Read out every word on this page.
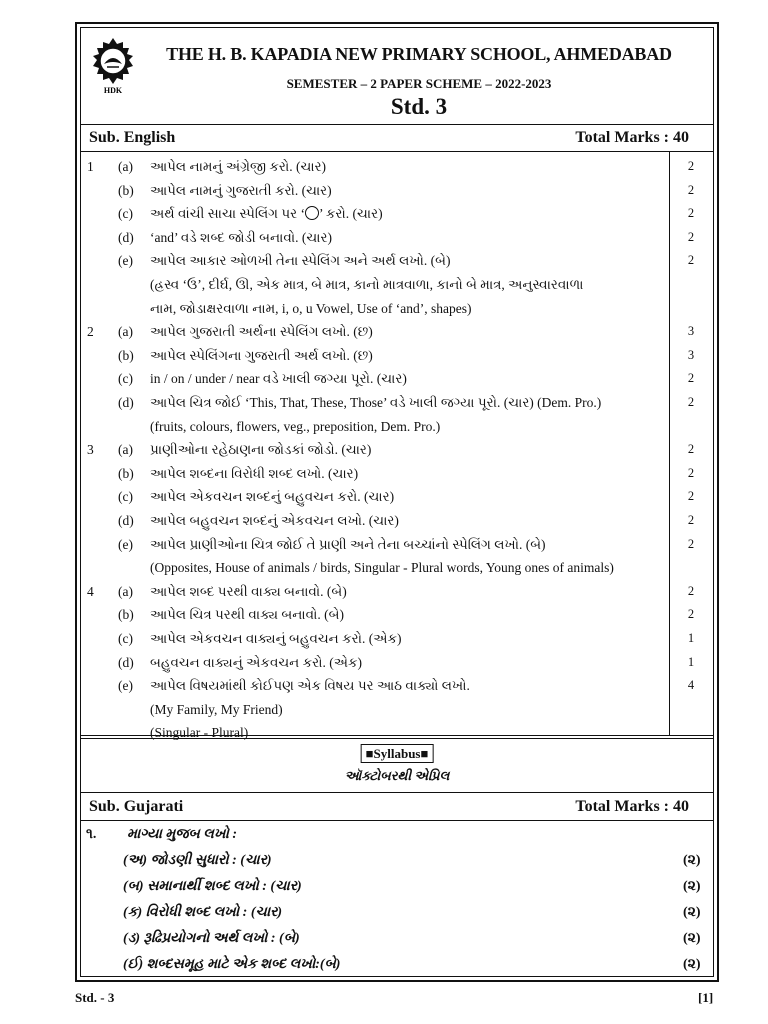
HDK
THE H. B. KAPADIA NEW PRIMARY SCHOOL, AHMEDABAD
SEMESTER – 2 PAPER SCHEME – 2022-2023
Std. 3
Sub. English	Total Marks : 40
1 (a) આપેલ નામનું અંગ્રેજી કરો. (ચાર)	2
(b) આપેલ નામનું ગુજરાતી કરો. (ચાર)	2
(c) અર્થ વાંચી સાચા સ્પેલિંગ પર ‘ ’ કરો. (ચાર)	2
(d) ‘and’ વડે શબ્દ જોડી બનાવો. (ચાર)	2
(e) આપેલ આકાર ઓળખી તેના સ્પેલિંગ અને અર્થ લખો. (બે)	2
(હ્રસ્વ ‘ઉ’, દીર્ઘ, ઊ, એક માત્ર, બે માત્ર, કાનો માત્રવાળા, કાનો બે માત્ર, અનુસ્વારવાળા
નામ, જોડાક્ષરવાળા નામ, i, o, u Vowel, Use of ‘and’, shapes)
2 (a) આપેલ ગુજરાતી અર્થના સ્પેલિંગ લખો. (છ)	3
(b) આપેલ સ્પેલિંગના ગુજરાતી અર્થ લખો. (છ)	3
(c) in / on / under / near વડે ખાલી જગ્યા પૂરો. (ચાર)	2
(d) આપેલ ચિત્ર જોઈ ‘This, That, These, Those’ વડે ખાલી જગ્યા પૂરો. (ચાર) (Dem. Pro.)	2
(fruits, colours, flowers, veg., preposition, Dem. Pro.)
3 (a) પ્રાણીઓના રહેઠાણના જોડકાં જોડો. (ચાર)	2
(b) આપેલ શબ્દના વિરોધી શબ્દ લખો. (ચાર)	2
(c) આપેલ એકવચન શબ્દનું બહુવચન કરો. (ચાર)	2
(d) આપેલ બહુવચન શબ્દનું એકવચન લખો. (ચાર)	2
(e) આપેલ પ્રાણીઓના ચિત્ર જોઈ તે પ્રાણી અને તેના બચ્ચાંનો સ્પેલિંગ લખો. (બે)	2
(Opposites, House of animals / birds, Singular - Plural words, Young ones of animals)
4 (a) આપેલ શબ્દ પરથી વાક્ય બનાવો. (બે)	2
(b) આપેલ ચિત્ર પરથી વાક્ય બનાવો. (બે)	2
(c) આપેલ એકવચન વાક્યનું બહુવચન કરો. (એક)	1
(d) બહુવચન વાક્યનું એકવચન કરો. (એક)	1
(e) આપેલ વિષયમાંથી કોઈપણ એક વિષય પર આઠ વાક્યો લખો.	4
(My Family, My Friend)
(Singular - Plural)
■Syllabus■
ઑક્ટોબરથી એપ્રિલ
Sub. Gujarati	Total Marks : 40
૧. માગ્યા મુજબ લખો :
(અ) જોડણી સુધારો : (ચાર)	(૨)
(બ) સમાનાર્થી શબ્દ લખો : (ચાર)	(૨)
(ક) વિરોધી શબ્દ લખો : (ચાર)	(૨)
(ડ) રૂઢિપ્રયોગનો અર્થ લખો : (બે)	(૨)
(ઈ) શબ્દસમૂહ માટે એક શબ્દ લખો:(બે)	(૨)
Std. - 3	[1]
